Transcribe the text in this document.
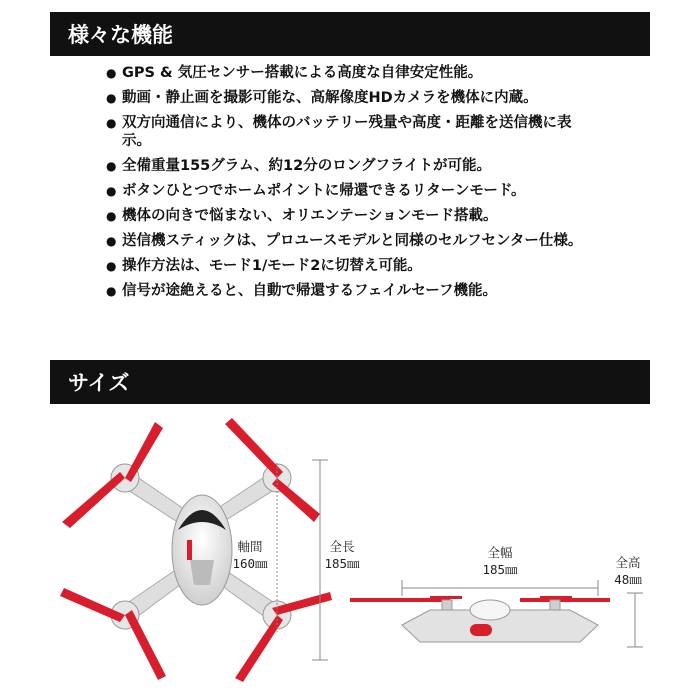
様々な機能
● GPS & 気圧センサー搭載による高度な自律安定性能。
● 動画・静止画を撮影可能な、高解像度HDカメラを機体に内蔵。
● 双方向通信により、機体のバッテリー残量や高度・距離を送信機に表示。
● 全備重量155グラム、約12分のロングフライトが可能。
● ボタンひとつでホームポイントに帰還できるリターンモード。
● 機体の向きで悩まない、オリエンテーションモード搭載。
● 送信機スティックは、プロユースモデルと同様のセルフセンター仕様。
● 操作方法は、モード1/モード2に切替え可能。
● 信号が途絶えると、自動で帰還するフェイルセーフ機能。
サイズ
軸間
160㎜
全長
185㎜
全幅
185㎜	全高
48㎜
